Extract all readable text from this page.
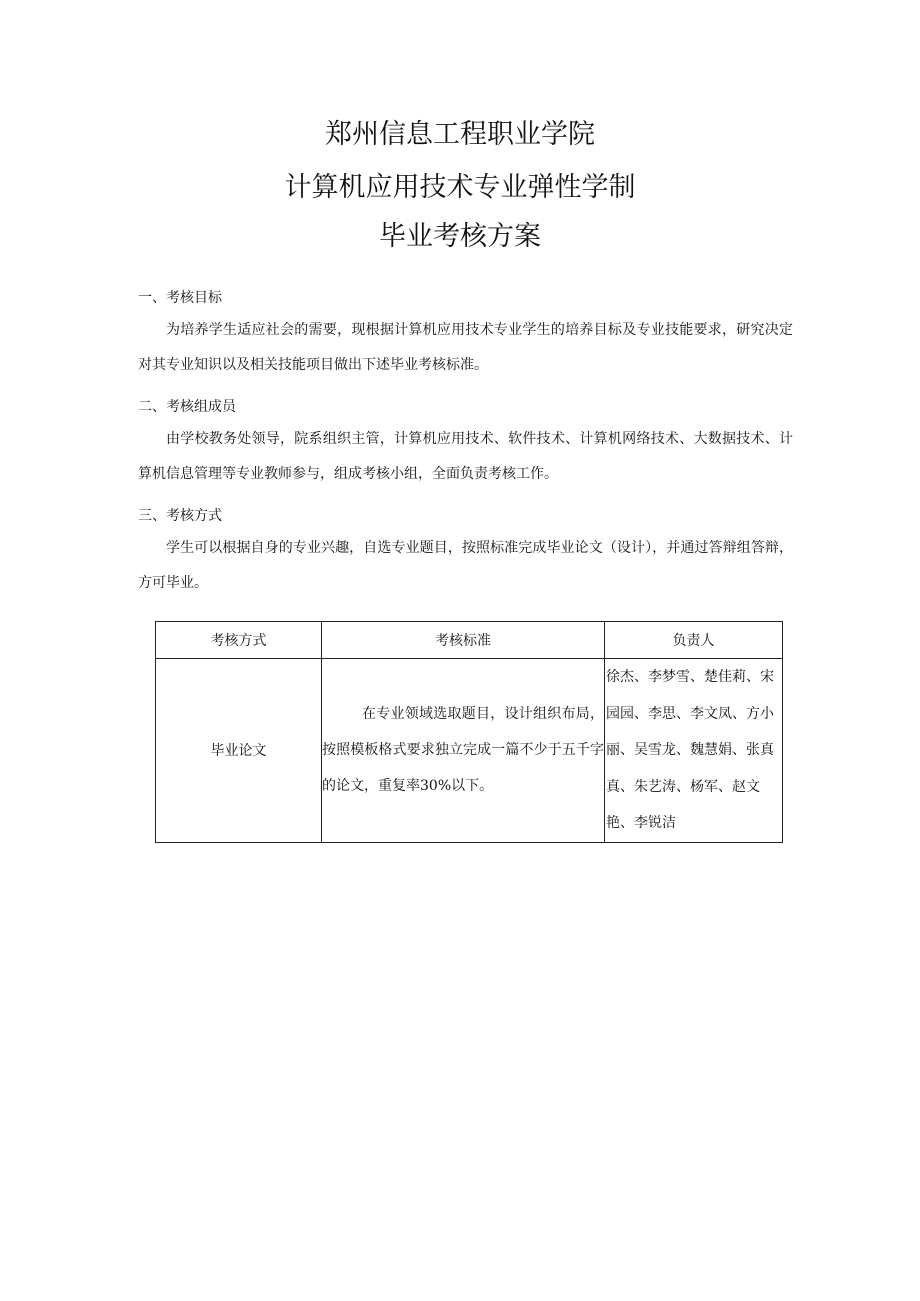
郑州信息工程职业学院
计算机应用技术专业弹性学制
毕业考核方案
一、考核目标
为培养学生适应社会的需要，现根据计算机应用技术专业学生的培养目标及专业技能要求，研究决定对其专业知识以及相关技能项目做出下述毕业考核标准。
二、考核组成员
由学校教务处领导，院系组织主管，计算机应用技术、软件技术、计算机网络技术、大数据技术、计算机信息管理等专业教师参与，组成考核小组，全面负责考核工作。
三、考核方式
学生可以根据自身的专业兴趣，自选专业题目，按照标准完成毕业论文（设计），并通过答辩组答辩，方可毕业。
考核方式	考核标准	负责人
毕业论文	在专业领域选取题目，设计组织布局，按照模板格式要求独立完成一篇不少于五千字的论文，重复率30%以下。	徐杰、李梦雪、楚佳莉、宋园园、李思、李文凤、方小丽、吴雪龙、魏慧娟、张真真、朱艺涛、杨军、赵文艳、李锐洁
